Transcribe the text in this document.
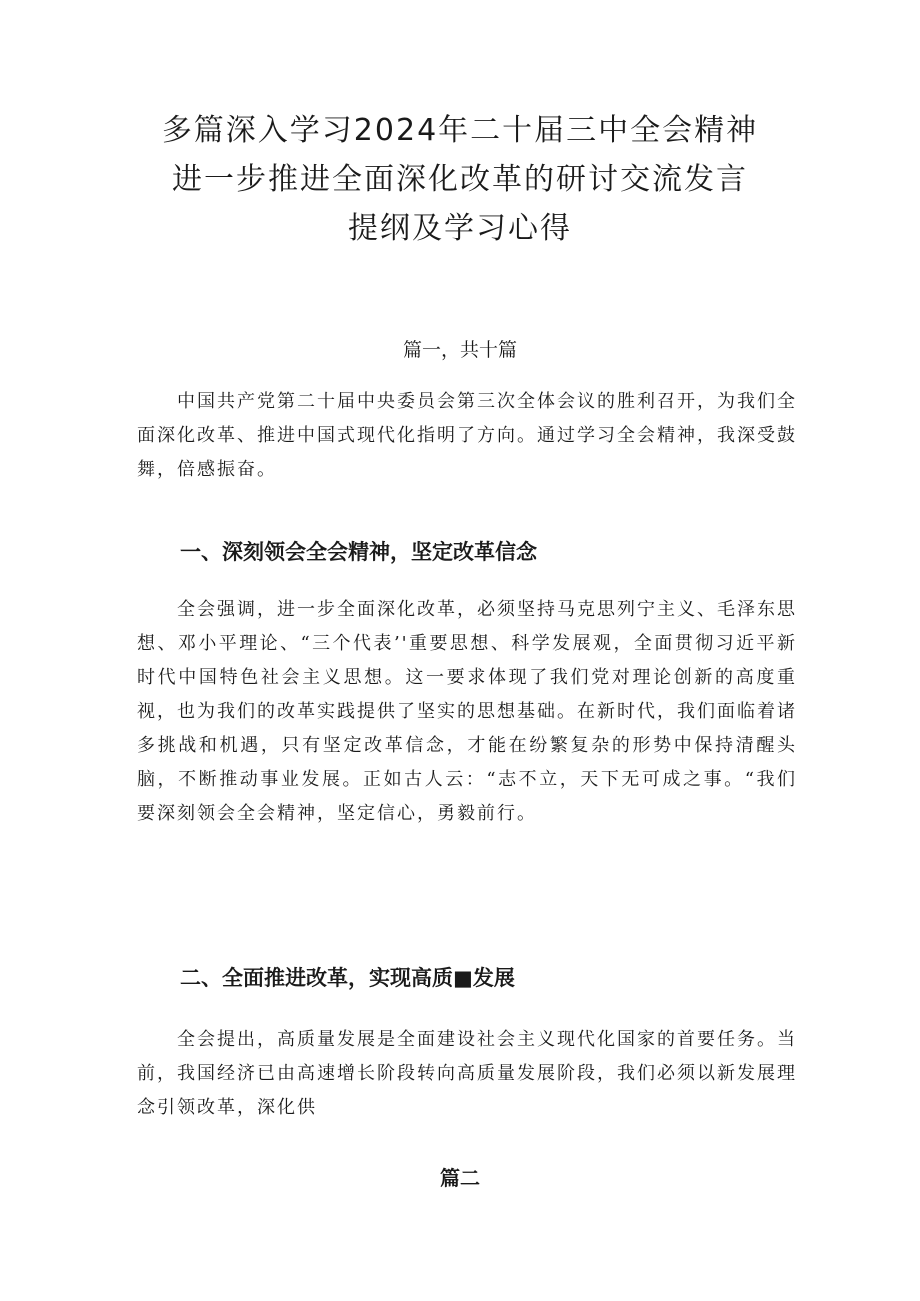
多篇深入学习2024年二十届三中全会精神
进一步推进全面深化改革的研讨交流发言
提纲及学习心得

篇一，共十篇

中国共产党第二十届中央委员会第三次全体会议的胜利召开，为我们全面深化改革、推进中国式现代化指明了方向。通过学习全会精神，我深受鼓舞，倍感振奋。

一、深刻领会全会精神，坚定改革信念

全会强调，进一步全面深化改革，必须坚持马克思列宁主义、毛泽东思想、邓小平理论、“三个代表’'重要思想、科学发展观，全面贯彻习近平新时代中国特色社会主义思想。这一要求体现了我们党对理论创新的高度重视，也为我们的改革实践提供了坚实的思想基础。在新时代，我们面临着诸多挑战和机遇，只有坚定改革信念，才能在纷繁复杂的形势中保持清醒头脑，不断推动事业发展。正如古人云：“志不立，天下无可成之事。“我们要深刻领会全会精神，坚定信心，勇毅前行。

二、全面推进改革，实现高质■发展

全会提出，高质量发展是全面建设社会主义现代化国家的首要任务。当前，我国经济已由高速增长阶段转向高质量发展阶段，我们必须以新发展理念引领改革，深化供

篇二
